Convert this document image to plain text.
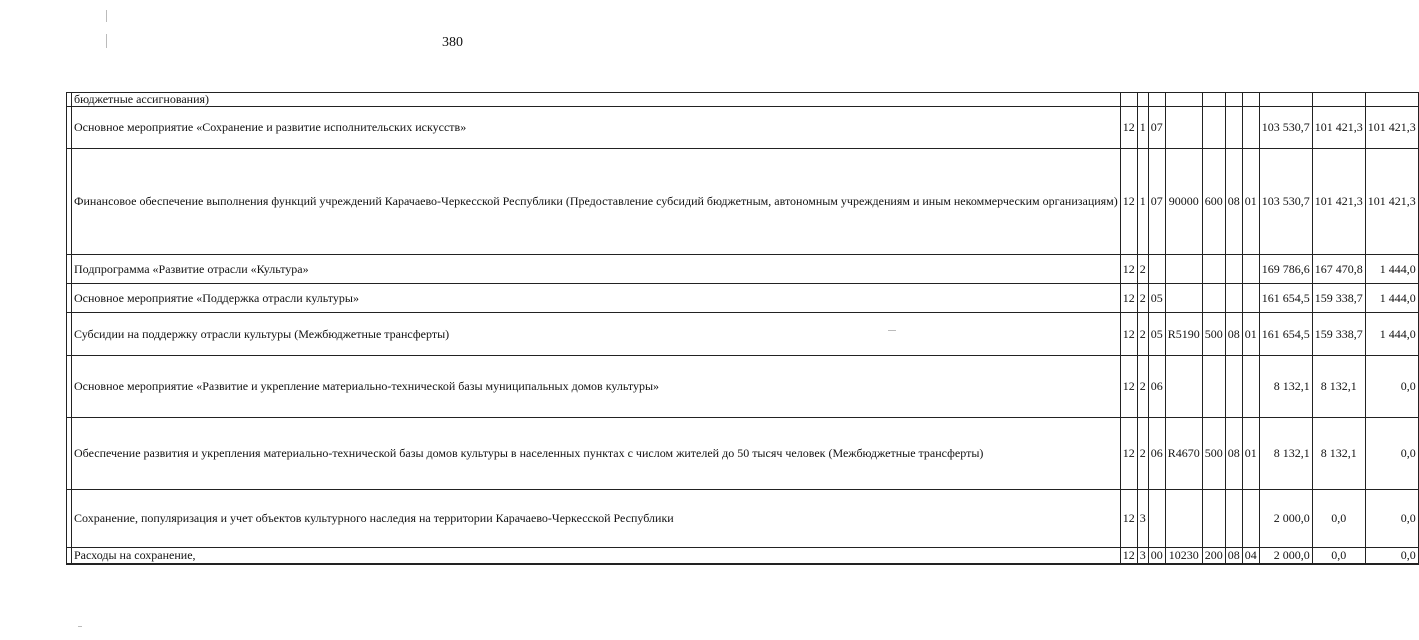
380
	бюджетные ассигнования)										
	Основное мероприятие «Сохранение и развитие исполнительских искусств»	12	1	07					103 530,7	101 421,3	101 421,3
	Финансовое обеспечение выполнения функций учреждений Карачаево-Черкесской Республики (Предоставление субсидий бюджетным, автономным учреждениям и иным некоммерческим организациям)	12	1	07	90000	600	08	01	103 530,7	101 421,3	101 421,3
	Подпрограмма «Развитие отрасли «Культура»	12	2						169 786,6	167 470,8	1 444,0
	Основное мероприятие «Поддержка отрасли культуры»	12	2	05					161 654,5	159 338,7	1 444,0
	Субсидии на поддержку отрасли культуры (Межбюджетные трансферты)	12	2	05	R5190	500	08	01	161 654,5	159 338,7	1 444,0
	Основное мероприятие «Развитие и укрепление материально-технической базы муниципальных домов культуры»	12	2	06					8 132,1	8 132,1	0,0
	Обеспечение развития и укрепления материально-технической базы домов культуры в населенных пунктах с числом жителей до 50 тысяч человек (Межбюджетные трансферты)	12	2	06	R4670	500	08	01	8 132,1	8 132,1	0,0
	Сохранение, популяризация и учет объектов культурного наследия на территории Карачаево-Черкесской Республики	12	3						2 000,0	0,0	0,0
	Расходы на сохранение,	12	3	00	10230	200	08	04	2 000,0	0,0	0,0
